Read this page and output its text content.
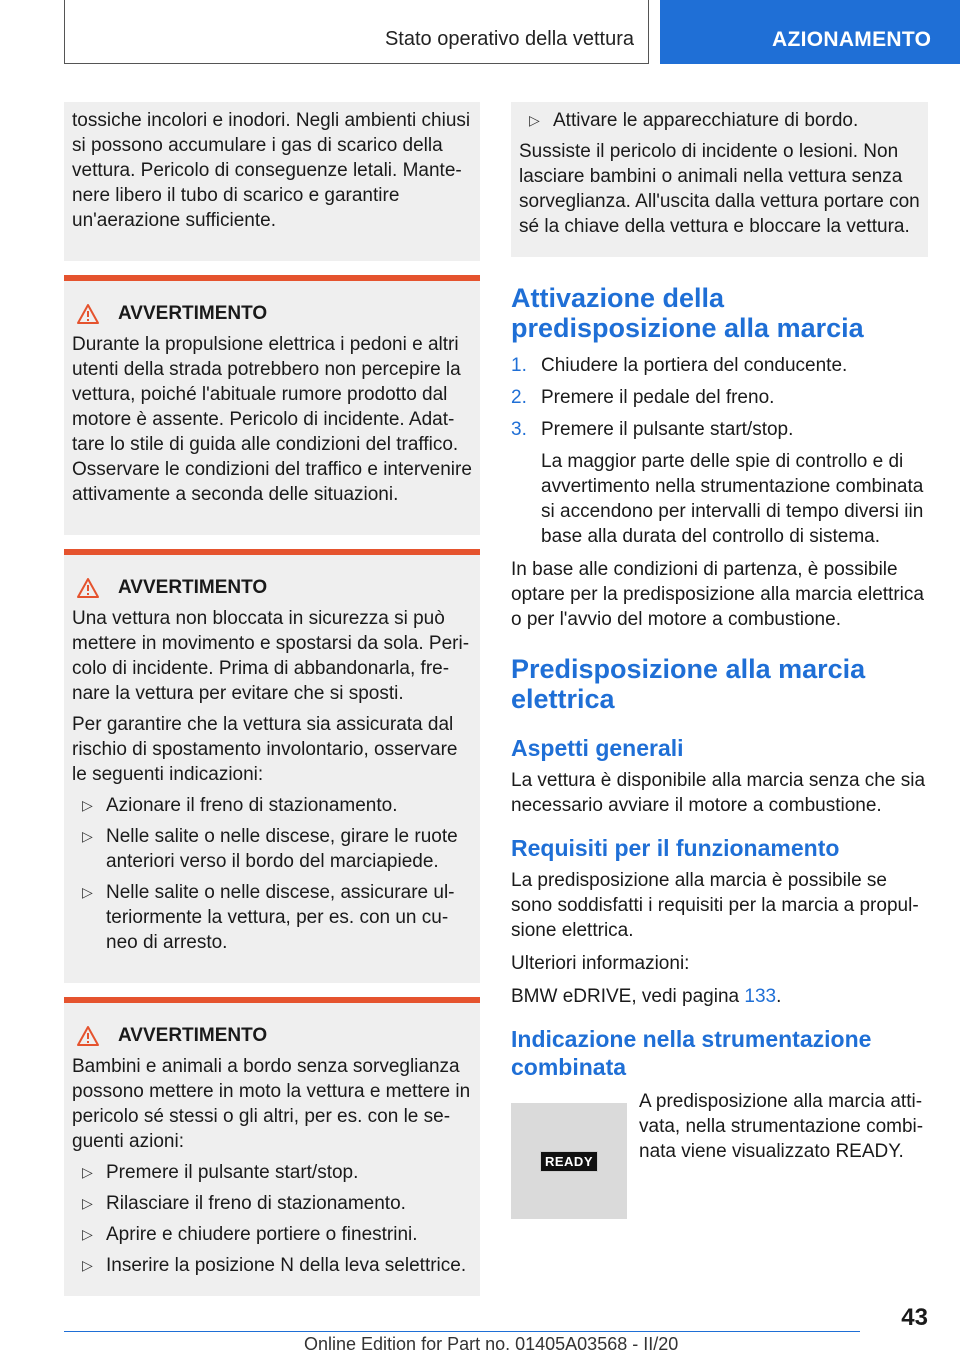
Stato operativo della vettura	AZIONAMENTO

tossiche incolori e inodori. Negli ambienti chiusi si possono accumulare i gas di scarico della vettura. Pericolo di conseguenze letali. Mantenere libero il tubo di scarico e garantire un'aerazione sufficiente.

AVVERTIMENTO

Durante la propulsione elettrica i pedoni e altri utenti della strada potrebbero non percepire la vettura, poiché l'abituale rumore prodotto dal motore è assente. Pericolo di incidente. Adattare lo stile di guida alle condizioni del traffico. Osservare le condizioni del traffico e intervenire attivamente a seconda delle situazioni.

AVVERTIMENTO

Una vettura non bloccata in sicurezza si può mettere in movimento e spostarsi da sola. Pericolo di incidente. Prima di abbandonarla, frenare la vettura per evitare che si sposti.

Per garantire che la vettura sia assicurata dal rischio di spostamento involontario, osservare le seguenti indicazioni:

▷ Azionare il freno di stazionamento.
▷ Nelle salite o nelle discese, girare le ruote anteriori verso il bordo del marciapiede.
▷ Nelle salite o nelle discese, assicurare ulteriormente la vettura, per es. con un cuneo di arresto.
AVVERTIMENTO

Bambini e animali a bordo senza sorveglianza possono mettere in moto la vettura e mettere in pericolo sé stessi o gli altri, per es. con le seguenti azioni:

▷ Premere il pulsante start/stop.
▷ Rilasciare il freno di stazionamento.
▷ Aprire e chiudere portiere o finestrini.
▷ Inserire la posizione N della leva selettrice.
▷ Attivare le apparecchiature di bordo.

Sussiste il pericolo di incidente o lesioni. Non lasciare bambini o animali nella vettura senza sorveglianza. All'uscita dalla vettura portare con sé la chiave della vettura e bloccare la vettura.

Attivazione della predisposizione alla marcia
1. Chiudere la portiera del conducente.
2. Premere il pedale del freno.
3. Premere il pulsante start/stop.
La maggior parte delle spie di controllo e di avvertimento nella strumentazione combinata si accendono per intervalli di tempo diversi iin base alla durata del controllo di sistema.

In base alle condizioni di partenza, è possibile optare per la predisposizione alla marcia elettrica o per l'avvio del motore a combustione.

Predisposizione alla marcia elettrica
Aspetti generali

La vettura è disponibile alla marcia senza che sia necessario avviare il motore a combustione.

Requisiti per il funzionamento

La predisposizione alla marcia è possibile se sono soddisfatti i requisiti per la marcia a propulsione elettrica.

Ulteriori informazioni:

BMW eDRIVE, vedi pagina 133.

Indicazione nella strumentazione combinata
READY
A predisposizione alla marcia attivata, nella strumentazione combinata viene visualizzato READY.
43
Online Edition for Part no. 01405A03568 - II/20
